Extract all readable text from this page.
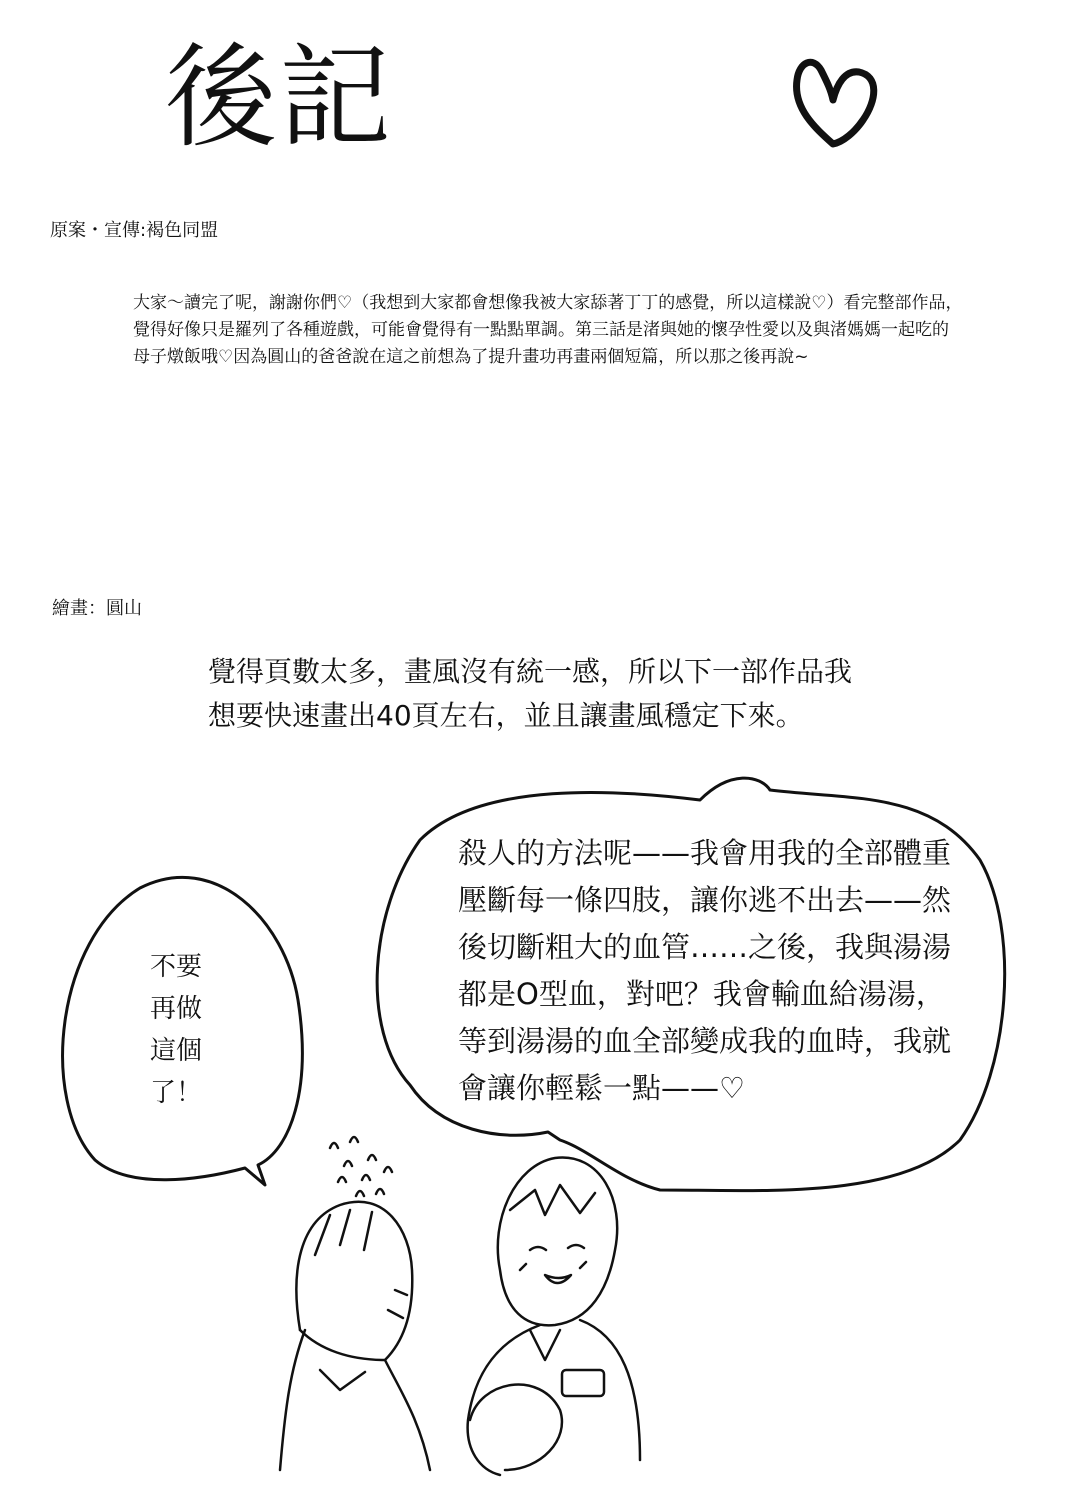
後記
原案・宣傳:褐色同盟
大家～讀完了呢，謝謝你們♡（我想到大家都會想像我被大家舔著丁丁的感覺，所以這樣說♡）看完整部作品，覺得好像只是羅列了各種遊戲，可能會覺得有一點點單調。第三話是渚與她的懷孕性愛以及與渚媽媽一起吃的母子燉飯哦♡因為圓山的爸爸說在這之前想為了提升畫功再畫兩個短篇，所以那之後再說~
繪畫：圓山
覺得頁數太多，畫風沒有統一感，所以下一部作品我想要快速畫出40頁左右，並且讓畫風穩定下來。
不要再做這個了！
殺人的方法呢——我會用我的全部體重壓斷每一條四肢，讓你逃不出去——然後切斷粗大的血管……之後，我與湯湯都是O型血，對吧？我會輸血給湯湯，等到湯湯的血全部變成我的血時，我就會讓你輕鬆一點——♡
